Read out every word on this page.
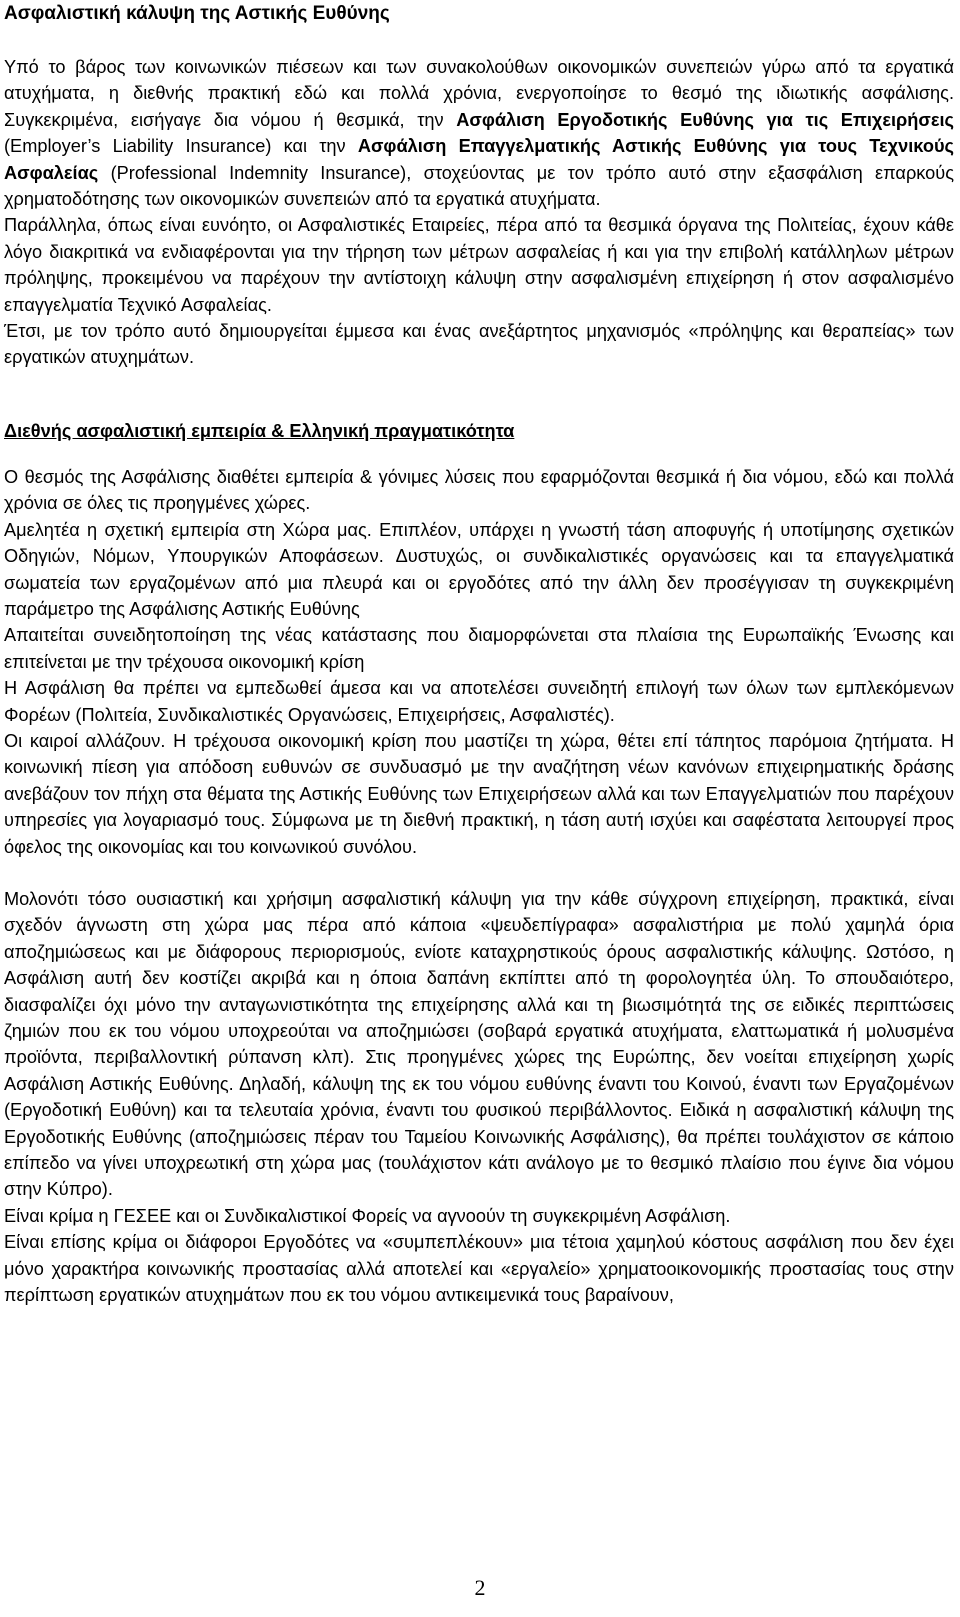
Ασφαλιστική κάλυψη της Αστικής Ευθύνης

Υπό το βάρος των κοινωνικών πιέσεων και των συνακολούθων οικονομικών συνεπειών γύρω από τα εργατικά ατυχήματα, η διεθνής πρακτική εδώ και πολλά χρόνια, ενεργοποίησε το θεσμό της ιδιωτικής ασφάλισης. Συγκεκριμένα, εισήγαγε δια νόμου ή θεσμικά, την Ασφάλιση Εργοδοτικής Ευθύνης για τις Επιχειρήσεις (Employer’s Liability Insurance) και την Ασφάλιση Επαγγελματικής Αστικής Ευθύνης για τους Τεχνικούς Ασφαλείας (Professional Indemnity Insurance), στοχεύοντας με τον τρόπο αυτό στην εξασφάλιση επαρκούς χρηματοδότησης των οικονομικών συνεπειών από τα εργατικά ατυχήματα.

Παράλληλα, όπως είναι ευνόητο, οι Ασφαλιστικές Εταιρείες, πέρα από τα θεσμικά όργανα της Πολιτείας, έχουν κάθε λόγο διακριτικά να ενδιαφέρονται για την τήρηση των μέτρων ασφαλείας ή και για την επιβολή κατάλληλων μέτρων πρόληψης, προκειμένου να παρέχουν την αντίστοιχη κάλυψη στην ασφαλισμένη επιχείρηση ή στον ασφαλισμένο επαγγελματία Τεχνικό Ασφαλείας.

Έτσι, με τον τρόπο αυτό δημιουργείται έμμεσα και ένας ανεξάρτητος μηχανισμός «πρόληψης και θεραπείας» των εργατικών ατυχημάτων.

Διεθνής ασφαλιστική εμπειρία & Ελληνική πραγματικότητα

Ο θεσμός της Ασφάλισης διαθέτει εμπειρία & γόνιμες λύσεις που εφαρμόζονται θεσμικά ή δια νόμου, εδώ και πολλά χρόνια σε όλες τις προηγμένες χώρες.

Αμελητέα η σχετική εμπειρία στη Χώρα μας. Επιπλέον, υπάρχει η γνωστή τάση αποφυγής ή υποτίμησης σχετικών Οδηγιών, Νόμων, Υπουργικών Αποφάσεων. Δυστυχώς, οι συνδικαλιστικές οργανώσεις και τα επαγγελματικά σωματεία των εργαζομένων από μια πλευρά και οι εργοδότες από την άλλη δεν προσέγγισαν τη συγκεκριμένη παράμετρο της Ασφάλισης Αστικής Ευθύνης

Απαιτείται συνειδητοποίηση της νέας κατάστασης που διαμορφώνεται στα πλαίσια της Ευρωπαϊκής Ένωσης και επιτείνεται με την τρέχουσα οικονομική κρίση

Η Ασφάλιση θα πρέπει να εμπεδωθεί άμεσα και να αποτελέσει συνειδητή επιλογή των όλων των εμπλεκόμενων Φορέων (Πολιτεία, Συνδικαλιστικές Οργανώσεις, Επιχειρήσεις, Ασφαλιστές).

Οι καιροί αλλάζουν. Η τρέχουσα οικονομική κρίση που μαστίζει τη χώρα, θέτει επί τάπητος παρόμοια ζητήματα. Η κοινωνική πίεση για απόδοση ευθυνών σε συνδυασμό με την αναζήτηση νέων κανόνων επιχειρηματικής δράσης ανεβάζουν τον πήχη στα θέματα της Αστικής Ευθύνης των Επιχειρήσεων αλλά και των Επαγγελματιών που παρέχουν υπηρεσίες για λογαριασμό τους. Σύμφωνα με τη διεθνή πρακτική, η τάση αυτή ισχύει και σαφέστατα λειτουργεί προς όφελος της οικονομίας και του κοινωνικού συνόλου.

Μολονότι τόσο ουσιαστική και χρήσιμη ασφαλιστική κάλυψη για την κάθε σύγχρονη επιχείρηση, πρακτικά, είναι σχεδόν άγνωστη στη χώρα μας πέρα από κάποια «ψευδεπίγραφα» ασφαλιστήρια με πολύ χαμηλά όρια αποζημιώσεως και με διάφορους περιορισμούς, ενίοτε καταχρηστικούς όρους ασφαλιστικής κάλυψης. Ωστόσο, η Ασφάλιση αυτή δεν κοστίζει ακριβά και η όποια δαπάνη εκπίπτει από τη φορολογητέα ύλη. Το σπουδαιότερο, διασφαλίζει όχι μόνο την ανταγωνιστικότητα της επιχείρησης αλλά και τη βιωσιμότητά της σε ειδικές περιπτώσεις ζημιών που εκ του νόμου υποχρεούται να αποζημιώσει (σοβαρά εργατικά ατυχήματα, ελαττωματικά ή μολυσμένα προϊόντα, περιβαλλοντική ρύπανση κλπ). Στις προηγμένες χώρες της Ευρώπης, δεν νοείται επιχείρηση χωρίς Ασφάλιση Αστικής Ευθύνης. Δηλαδή, κάλυψη της εκ του νόμου ευθύνης έναντι του Κοινού, έναντι των Εργαζομένων (Εργοδοτική Ευθύνη) και τα τελευταία χρόνια, έναντι του φυσικού περιβάλλοντος. Ειδικά η ασφαλιστική κάλυψη της Εργοδοτικής Ευθύνης (αποζημιώσεις πέραν του Ταμείου Κοινωνικής Ασφάλισης), θα πρέπει τουλάχιστον σε κάποιο επίπεδο να γίνει υποχρεωτική στη χώρα μας (τουλάχιστον κάτι ανάλογο με το θεσμικό πλαίσιο που έγινε δια νόμου στην Κύπρο).

Είναι κρίμα η ΓΕΣΕΕ και οι Συνδικαλιστικοί Φορείς να αγνοούν τη συγκεκριμένη Ασφάλιση.

Είναι επίσης κρίμα οι διάφοροι Εργοδότες να «συμπεπλέκουν» μια τέτοια χαμηλού κόστους ασφάλιση που δεν έχει μόνο χαρακτήρα κοινωνικής προστασίας αλλά αποτελεί και «εργαλείο» χρηματοοικονομικής προστασίας τους στην περίπτωση εργατικών ατυχημάτων που εκ του νόμου αντικειμενικά τους βαραίνουν,

2
